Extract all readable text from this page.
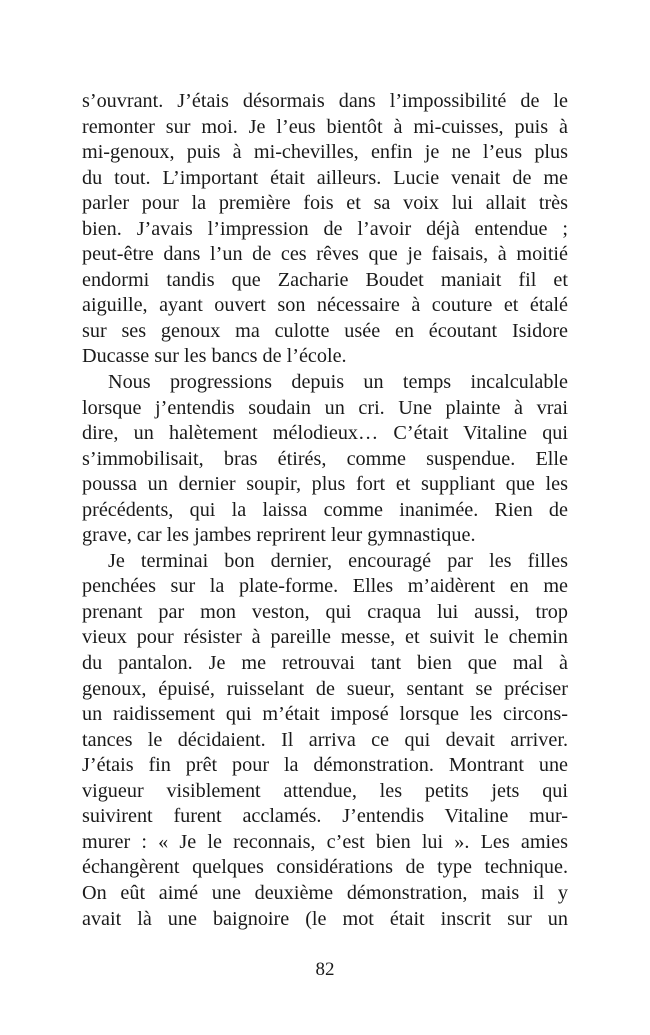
s’ouvrant. J’étais désormais dans l’impossibilité de le
remonter sur moi. Je l’eus bientôt à mi-cuisses, puis à
mi-genoux, puis à mi-chevilles, enfin je ne l’eus plus
du tout. L’important était ailleurs. Lucie venait de me
parler pour la première fois et sa voix lui allait très
bien. J’avais l’impression de l’avoir déjà entendue ;
peut-être dans l’un de ces rêves que je faisais, à moitié
endormi tandis que Zacharie Boudet maniait fil et
aiguille, ayant ouvert son nécessaire à couture et étalé
sur ses genoux ma culotte usée en écoutant Isidore
Ducasse sur les bancs de l’école.
Nous progressions depuis un temps incalculable
lorsque j’entendis soudain un cri. Une plainte à vrai
dire, un halètement mélodieux… C’était Vitaline qui
s’immobilisait, bras étirés, comme suspendue. Elle
poussa un dernier soupir, plus fort et suppliant que les
précédents, qui la laissa comme inanimée. Rien de
grave, car les jambes reprirent leur gymnastique.
Je terminai bon dernier, encouragé par les filles
penchées sur la plate-forme. Elles m’aidèrent en me
prenant par mon veston, qui craqua lui aussi, trop
vieux pour résister à pareille messe, et suivit le chemin
du pantalon. Je me retrouvai tant bien que mal à
genoux, épuisé, ruisselant de sueur, sentant se préciser
un raidissement qui m’était imposé lorsque les circons-
tances le décidaient. Il arriva ce qui devait arriver.
J’étais fin prêt pour la démonstration. Montrant une
vigueur visiblement attendue, les petits jets qui
suivirent furent acclamés. J’entendis Vitaline mur-
murer : « Je le reconnais, c’est bien lui ». Les amies
échangèrent quelques considérations de type technique.
On eût aimé une deuxième démonstration, mais il y
avait là une baignoire (le mot était inscrit sur un
82
